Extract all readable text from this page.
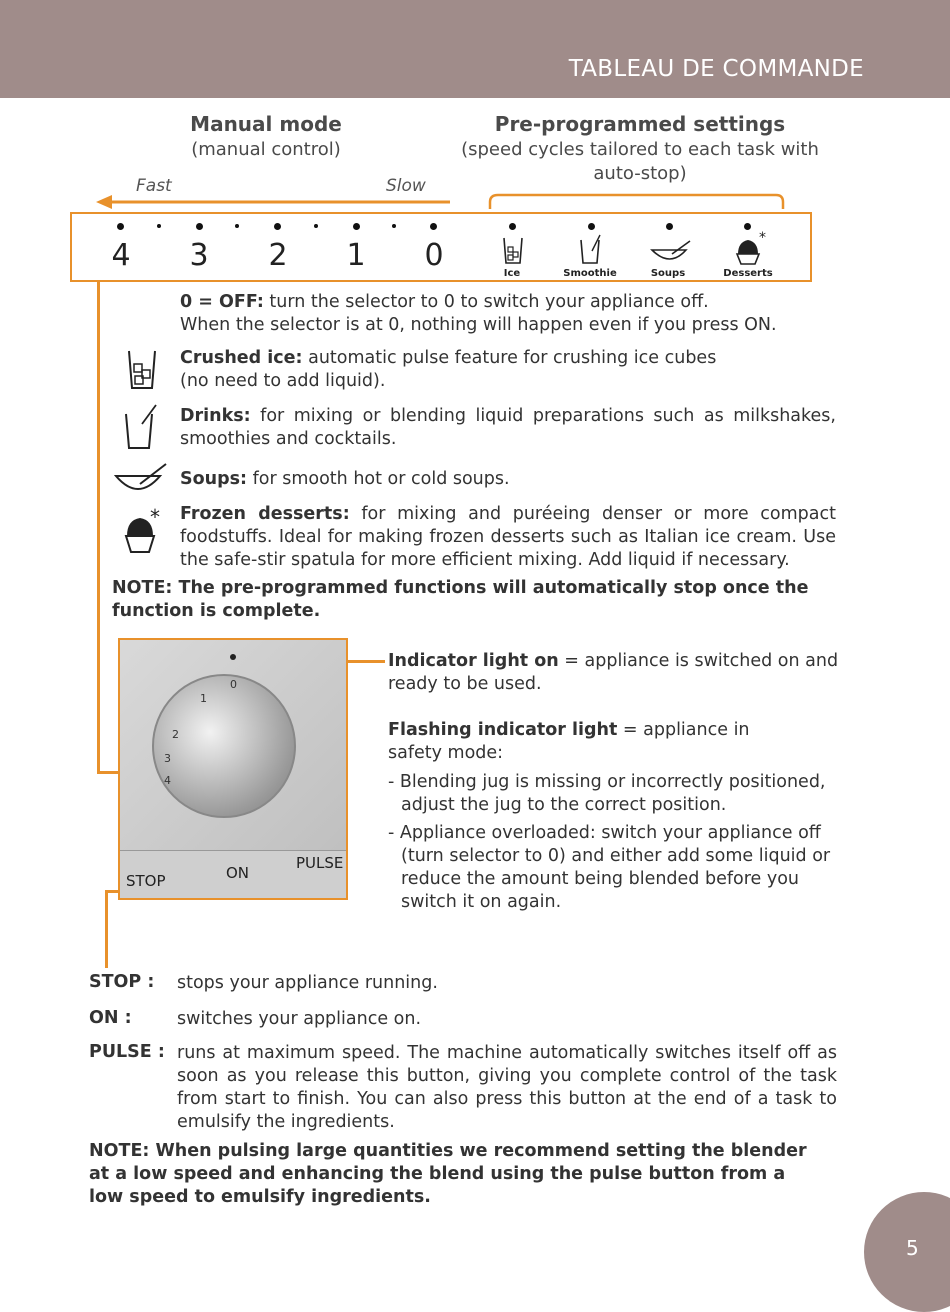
TABLEAU DE COMMANDE
Manual mode
(manual control)
Pre-programmed settings
(speed cycles tailored to each task with
auto-stop)
Fast	Slow
4	3	2	1	0	*
Ice	Smoothie	Soups	Desserts
0 = OFF: turn the selector to 0 to switch your appliance off.
When the selector is at 0, nothing will happen even if you press ON.
Crushed ice: automatic pulse feature for crushing ice cubes
(no need to add liquid).
Drinks: for mixing or blending liquid preparations such as milkshakes, smoothies and cocktails.
Soups: for smooth hot or cold soups.
* Frozen desserts: for mixing and puréeing denser or more compact foodstuffs. Ideal for making frozen desserts such as Italian ice cream. Use the safe-stir spatula for more efficient mixing. Add liquid if necessary.
NOTE: The pre-programmed functions will automatically stop once the function is complete.
0
1
2
3
4
STOP	ON
PULSE
Indicator light on = appliance is switched on and ready to be used.
Flashing indicator light = appliance in safety mode:
- Blending jug is missing or incorrectly positioned, adjust the jug to the correct position.
- Appliance overloaded: switch your appliance off (turn selector to 0) and either add some liquid or reduce the amount being blended before you switch it on again.
STOP : stops your appliance running.
ON :	switches your appliance on.
PULSE : runs at maximum speed. The machine automatically switches itself off as soon as you release this button, giving you complete control of the task from start to finish. You can also press this button at the end of a task to emulsify the ingredients.
NOTE: When pulsing large quantities we recommend setting the blender at a low speed and enhancing the blend using the pulse button from a low speed to emulsify ingredients.
5
